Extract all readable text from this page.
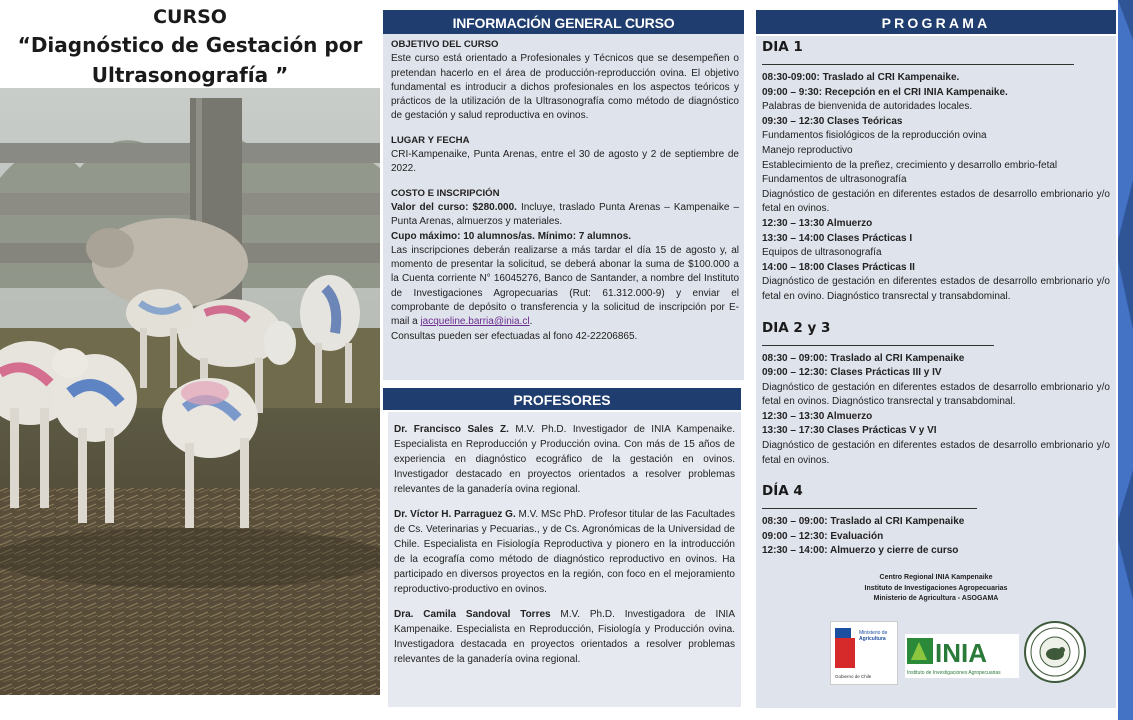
CURSO
“Diagnóstico de Gestación por
Ultrasonografía ”
INFORMACIÓN GENERAL CURSO
OBJETIVO DEL CURSO
Este curso está orientado a Profesionales y Técnicos que se desempeñen o pretendan hacerlo en el área de producción-reproducción ovina. El objetivo fundamental es introducir a dichos profesionales en los aspectos teóricos y prácticos de la utilización de la Ultrasonografía como método de diagnóstico de gestación y salud reproductiva en ovinos.
LUGAR Y FECHA
CRI-Kampenaike, Punta Arenas, entre el 30 de agosto y 2 de septiembre de 2022.
COSTO E INSCRIPCIÓN
Valor del curso: $280.000. Incluye, traslado Punta Arenas – Kampenaike – Punta Arenas, almuerzos y materiales.
Cupo máximo: 10 alumnos/as. Mínimo: 7 alumnos.
Las inscripciones deberán realizarse a más tardar el día 15 de agosto y, al momento de presentar la solicitud, se deberá abonar la suma de $100.000 a la Cuenta corriente N° 16045276, Banco de Santander, a nombre del Instituto de Investigaciones Agropecuarias (Rut: 61.312.000-9) y enviar el comprobante de depósito o transferencia y la solicitud de inscripción por E-mail a jacqueline.barria@inia.cl.
Consultas pueden ser efectuadas al fono 42-22206865.
PROFESORES
Dr. Francisco Sales Z. M.V. Ph.D. Investigador de INIA Kampenaike. Especialista en Reproducción y Producción ovina. Con más de 15 años de experiencia en diagnóstico ecográfico de la gestación en ovinos. Investigador destacado en proyectos orientados a resolver problemas relevantes de la ganadería ovina regional.
Dr. Víctor H. Parraguez G. M.V. MSc PhD. Profesor titular de las Facultades de Cs. Veterinarias y Pecuarias., y de Cs. Agronómicas de la Universidad de Chile. Especialista en Fisiología Reproductiva y pionero en la introducción de la ecografía como método de diagnóstico reproductivo en ovinos. Ha participado en diversos proyectos en la región, con foco en el mejoramiento reproductivo-productivo en ovinos.
Dra. Camila Sandoval Torres M.V. Ph.D. Investigadora de INIA Kampenaike. Especialista en Reproducción, Fisiología y Producción ovina. Investigadora destacada en proyectos orientados a resolver problemas relevantes de la ganadería ovina regional.
PROGRAMA
DIA 1
08:30-09:00: Traslado al CRI Kampenaike.
09:00 – 9:30: Recepción en el CRI INIA Kampenaike.
Palabras de bienvenida de autoridades locales.
09:30 – 12:30 Clases Teóricas
Fundamentos fisiológicos de la reproducción ovina
Manejo reproductivo
Establecimiento de la preñez, crecimiento y desarrollo embrio-fetal
Fundamentos de ultrasonografía
Diagnóstico de gestación en diferentes estados de desarrollo embrionario y/o fetal en ovinos.
12:30 – 13:30 Almuerzo
13:30 – 14:00 Clases Prácticas I
Equipos de ultrasonografía
14:00 – 18:00 Clases Prácticas II
Diagnóstico de gestación en diferentes estados de desarrollo embrionario y/o fetal en ovino. Diagnóstico transrectal y transabdominal.
DIA 2 y 3
08:30 – 09:00: Traslado al CRI Kampenaike
09:00 – 12:30: Clases Prácticas III y IV
Diagnóstico de gestación en diferentes estados de desarrollo embrionario y/o fetal en ovinos. Diagnóstico transrectal y transabdominal.
12:30 – 13:30 Almuerzo
13:30 – 17:30 Clases Prácticas V y VI
Diagnóstico de gestación en diferentes estados de desarrollo embrionario y/o fetal en ovinos.
DÍA 4
08:30 – 09:00: Traslado al CRI Kampenaike
09:00 – 12:30: Evaluación
12:30 – 14:00: Almuerzo y cierre de curso
Centro Regional INIA Kampenaike
Instituto de Investigaciones Agropecuarias
Ministerio de Agricultura - ASOGAMA
Ministerio de
Agricultura
Gobierno de Chile
INIA
Instituto de Investigaciones Agropecuarias
